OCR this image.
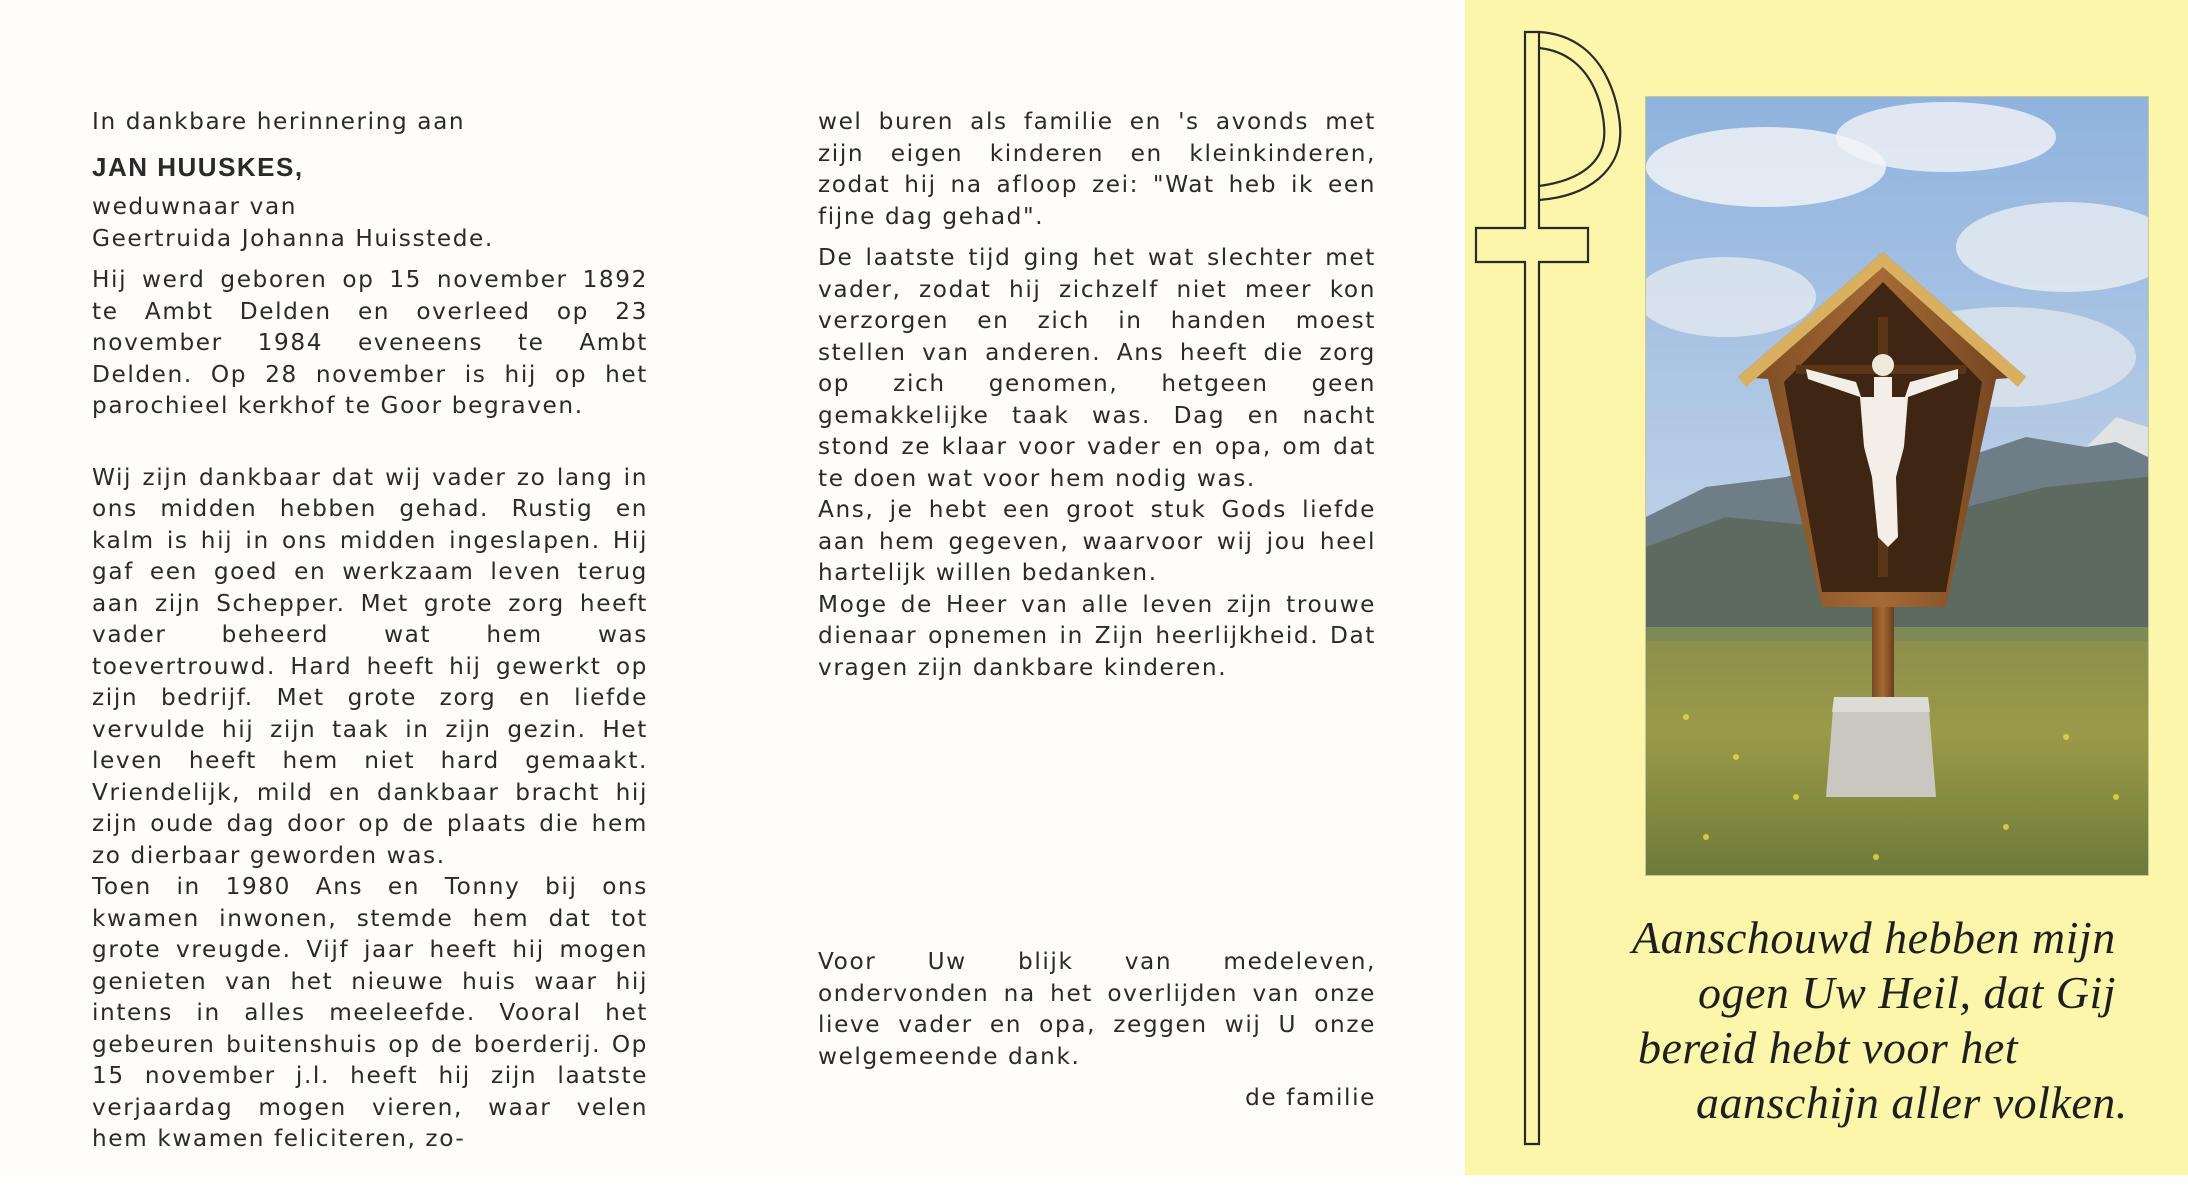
In dankbare herinnering aan

JAN HUUSKES,

weduwnaar van

Geertruida Johanna Huisstede.

Hij werd geboren op 15 november 1892 te Ambt Delden en overleed op 23 november 1984 eveneens te Ambt Delden. Op 28 november is hij op het parochieel kerkhof te Goor begraven.

Wij zijn dankbaar dat wij vader zo lang in ons midden hebben gehad. Rustig en kalm is hij in ons midden ingeslapen. Hij gaf een goed en werkzaam leven terug aan zijn Schepper. Met grote zorg heeft vader beheerd wat hem was toevertrouwd. Hard heeft hij gewerkt op zijn bedrijf. Met grote zorg en liefde vervulde hij zijn taak in zijn gezin. Het leven heeft hem niet hard gemaakt. Vriendelijk, mild en dankbaar bracht hij zijn oude dag door op de plaats die hem zo dierbaar geworden was.

Toen in 1980 Ans en Tonny bij ons kwamen inwonen, stemde hem dat tot grote vreugde. Vijf jaar heeft hij mogen genieten van het nieuwe huis waar hij intens in alles meeleefde. Vooral het gebeuren buitenshuis op de boerderij. Op 15 november j.l. heeft hij zijn laatste verjaardag mogen vieren, waar velen hem kwamen feliciteren, zo-

wel buren als familie en 's avonds met zijn eigen kinderen en kleinkinderen, zodat hij na afloop zei: "Wat heb ik een fijne dag gehad".

De laatste tijd ging het wat slechter met vader, zodat hij zichzelf niet meer kon verzorgen en zich in handen moest stellen van anderen. Ans heeft die zorg op zich genomen, hetgeen geen gemakkelijke taak was. Dag en nacht stond ze klaar voor vader en opa, om dat te doen wat voor hem nodig was.

Ans, je hebt een groot stuk Gods liefde aan hem gegeven, waarvoor wij jou heel hartelijk willen bedanken.

Moge de Heer van alle leven zijn trouwe dienaar opnemen in Zijn heerlijkheid. Dat vragen zijn dankbare kinderen.

Voor Uw blijk van medeleven, ondervonden na het overlijden van onze lieve vader en opa, zeggen wij U onze welgemeende dank.

de familie

Aanschouwd hebben mijn
ogen Uw Heil, dat Gij
bereid hebt voor het
aanschijn aller volken.
